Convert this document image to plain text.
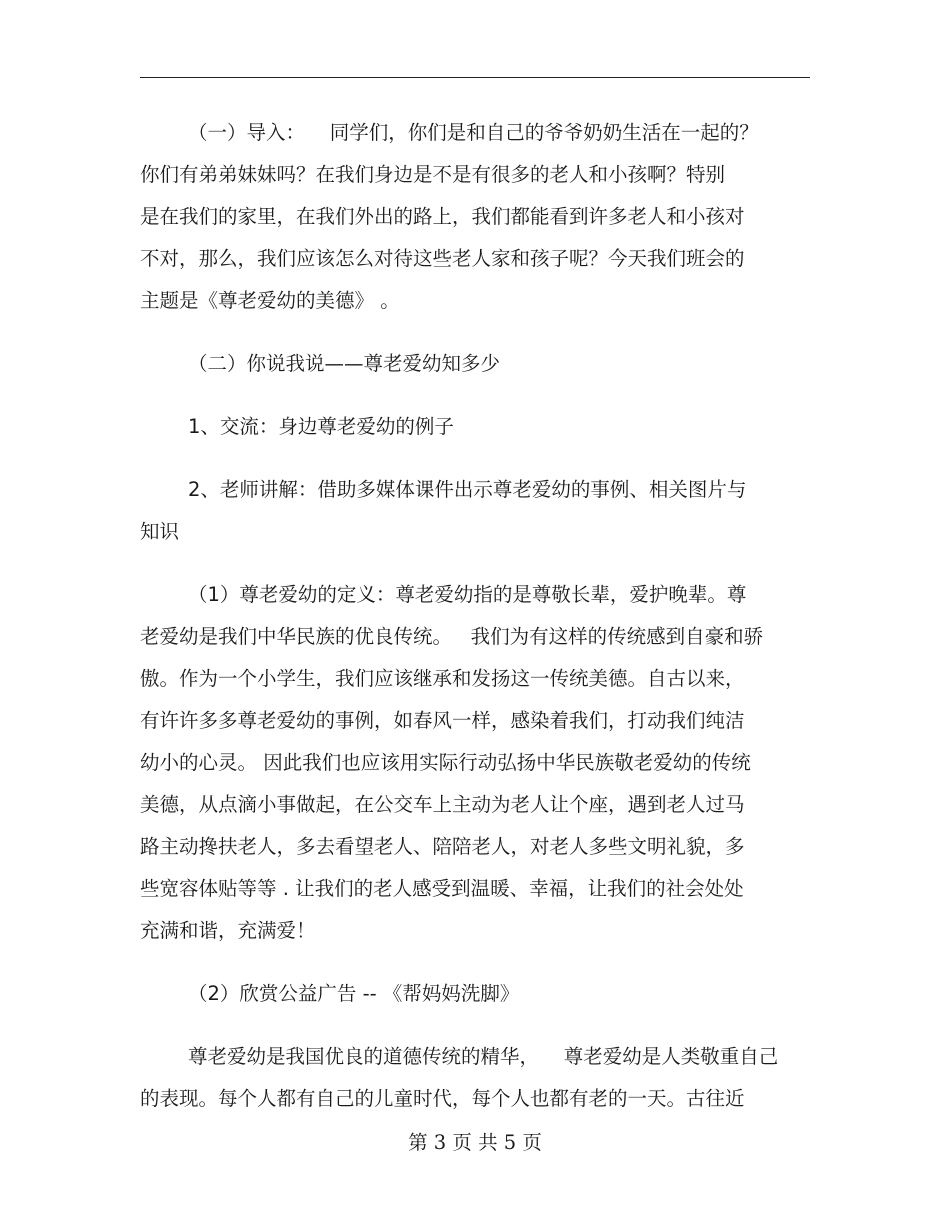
（一）导入：    同学们，你们是和自己的爷爷奶奶生活在一起的？
你们有弟弟妹妹吗？在我们身边是不是有很多的老人和小孩啊？特别
是在我们的家里，在我们外出的路上，我们都能看到许多老人和小孩对
不对，那么，我们应该怎么对待这些老人家和孩子呢？今天我们班会的
主题是《尊老爱幼的美德》 。
（二）你说我说——尊老爱幼知多少
1、交流：身边尊老爱幼的例子
2、老师讲解：借助多媒体课件出示尊老爱幼的事例、相关图片与
知识
（1）尊老爱幼的定义：尊老爱幼指的是尊敬长辈，爱护晚辈。尊
老爱幼是我们中华民族的优良传统。   我们为有这样的传统感到自豪和骄
傲。作为一个小学生，我们应该继承和发扬这一传统美德。自古以来，
有许许多多尊老爱幼的事例，如春风一样，感染着我们，打动我们纯洁
幼小的心灵。 因此我们也应该用实际行动弘扬中华民族敬老爱幼的传统
美德，从点滴小事做起，在公交车上主动为老人让个座，遇到老人过马
路主动搀扶老人，多去看望老人、陪陪老人，对老人多些文明礼貌，多
些宽容体贴等等 . 让我们的老人感受到温暖、幸福，让我们的社会处处
充满和谐，充满爱！
（2）欣赏公益广告 -- 《帮妈妈洗脚》
尊老爱幼是我国优良的道德传统的精华，    尊老爱幼是人类敬重自己
的表现。每个人都有自己的儿童时代，每个人也都有老的一天。古往近
第 3 页 共 5 页
